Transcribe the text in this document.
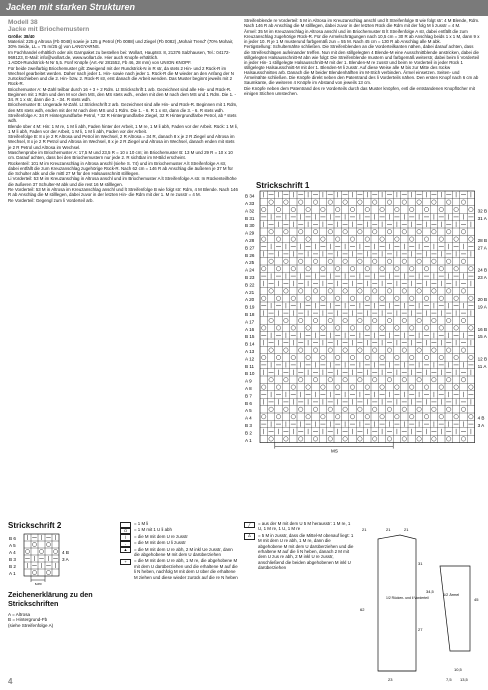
Jacken mit starken Strukturen

Modell 38

Jacke mit Briochemustern

Größe: 38/40

Material: 225 g Altrosa (Fb 0048) sowie je 125 g Petrol (Fb 0088) und Ziegel (Fb 0082) „Mohair Trend“ (70% Mohair, 30% Seide, LL = 75 m/25 g) von LANGYARNS.

Im Fachhandel erhältlich oder als Garnpaket zu bestellen bei: Wollart, Hauptstr. 8, 21376 Salzhausen, Tel.: 04172-969123, E-Mail: info@wollart.de, www.wollart.de. Hier auch Knopfe erhältlich.

1 ADDI-Rundstrick-N Nr 5,5. Fünf Knöpfe (Art.-Nr 281552, Fb 46, 28 mm) von UNION KNOPF.

Für beide zweifarbig Briochemuster gilt: Zweigend mit der Rundstrick-N in R str, da stets 2 Hin- und 2 Rück-R im Wechsel gearbeitet werden. Daher nach jeder 1. Hin- sowie nach jeder 1. Rück-R die M wieder an den Anfang der N zurückschieben und die 2. Hin- bzw. 2. Rück-R str, erst danach die Arbeit wenden. Das Muster beginnt jeweils mit 2 Rück-R.

Briochemuster A: M-Zahl teilbar durch 16 + 3 + 2 Rdm. Lt Strickschrift 1 arb. Gezeichnet sind alle Hin- und Rück-R. Beginnen mit 1 Rdm und den M vor dem MS, den MS stets wdh., enden mit den M nach dem MS und 1 Rdm. Die 1. - 34. R 1 x str, dann die 3. - 34. R stets wdh.

Briochemuster B: Ungerade M-Zahl. Lt Strickschrift 2 arb. Gezeichnet sind alle Hin- und Rück-R. Beginnen mit 1 Rdm, den MS stets wdh, enden mit der M nach dem MS und 1 Rdm. Die 1. - 6. R 1 x str, dann die 3. - 6. R stets wdh.

Streifenfolge A: 34 R Hintergrundfarbe Petrol, * 32 R Hintergrundfarbe Ziegel, 32 R Hintergrundfarbe Petrol, ab * stets wdh.

Blende über 4 M: Hin: 1 M re, 1 M li abh, Faden hinter der Arbeit, 1 M re, 1 M li abh, Faden vor der Arbeit. Rück: 1 M li, 1 M li abh, Faden vor der Arbeit, 1 M li, 1 M li abh, Faden vor der Arbeit.

Streifenfolge B: 8 x je 2 R Altrosa und Petrol im Wechsel, 2 R Altrosa = 34 R, danach 8 x je 2 R Ziegel und Altrosa im Wechsel, 8 x je 2 R Petrol und Altrosa im Wechsel, 8 x je 2 R Ziegel und Altrosa im Wechsel, danach enden mit stets je 2 R Petrol und Altrosa im Wechsel.

Maschenprobe im Briochemuster A: 17,5 M und 23,5 R = 10 x 10 cm; im Briochemuster B: 13 M und 29 R = 10 x 10 cm. Darauf achten, dass bei den Briochemustern nur jede 2. R sichtbar im M-Bild erscheint.

Rückenteil: 101 M im Kreuzanschlag in Altrosa anschl (siehe S. 74) und im Briochemuster A lt Streifenfolge A str, dabei entfällt die zum Kreuzanschlag zugehörige Rück-R. Nach 62 cm = 146 R ab Anschlag die äußeren je 37 M für die Schulter abk und die mittl 27 M für den Halsausschnitt stilllegen.

Li Vorderteil: 53 M im Kreuzanschlag in Altrosa anschl und im Briochemuster A lt Streifenfolge A str. In Rückenteilhöhe die äußeren 37 Schulter-M abk und die rest 16 M stilllegen.

Re Vorderteil: 53 M in Altrosa im Kreuzanschlag anschl und lt Streifenfolge B wie folgt str: Rdm, 4 M Blende. Nach 146 R ab Anschlag die M stilllegen, dabei zuvor in der letzten Hin- die Rdm mit der 1. M re zusstr = 4 M.

Re Vorderteil: Gegengl zum li Vorderteil arb.

Streifenblende re Vorderteil: 5 M in Altrosa im Kreuzanschlag anschl und lt Streifenfolge B wie folgt str: 4 M Blende, Rdm. Nach 146 R ab Anschlag die M stilllegen, dabei zuvor in der letzten Rück die Rdm mit der folg M li zusstr = 4 M.

Ärmel: 35 M im Kreuzanschlag in Altrosa anschl und im Briochemuster B lt Streifenfolge A str, dabei entfällt die zum Kreuzanschlag zugehörige Rück-R. Für die Armelschrägungen nach 10,5 cm = 30 R ab Anschlag beids 1 x 1 M, dann 9 x in jeder 10. R je 1 M musterund farbgemäß zun = 55 M. Nach 45 cm = 130 R ab Anschlag alle M abk.

Fertigstellung: Schulternähte schließen. Die Streifenblenden an die Vorderteilkanten nähen, dabei darauf achten, dass die Streifeschlägen aufeinander treffen. Nun mit den stillgelegten 4 Blende-M eine Ausschnittblende anstricken, dabei die stillgelegten Halsausschnitt-M abn wie folgt: Die Streifenblende mustern und farbgemäß weiterstr, dabei beim li Vorderteil in jeder Hin- 1 stillgelegte Halsausschnitt-M mit der 1. Blenden-M re zusstr und beim re Vorderteil in jeder Rück 1 stillgelegte Halsausschnitt-M mit der 1. Blenden-M li zusstr. Auf diese Weise alle M bis zur Mitte des rückw Halsausschnittes arb. Danach die M beider Blendenhälften im M-Stich verbinden. Ärmel einsetzen. Seiten- und Ärmelnähte schließen. Die Knöpfe direkt neben den Patentrand des li Vorderteils nähen. Den ersten Knopf nach 6 cm ab Saumkante, die weiteren 4 Knöpfe im Abstand von jeweils 13 cm.

Die Knöpfe neben dem Patentrand des re Vorderteils durch das Muster knöpfen, evtl die entstandenen Knopflöcher mit einigen Stichen umstechen.

Strickschrift 1
B 34
A 33
A 32	32 B
B 31	31 A
B 30
A 29
A 28	28 B
B 27	27 A
B 26
A 25
A 24	24 B
B 23	23 A
B 22
A 21
A 20	20 B
B 19	19 A
B 18
A 17
A 16	16 B
B 15	15 A
B 14
A 13
A 12	12 B
B 11	11 A
B 10
A 9
A 8
B 7
B 6
A 5
A 4	4 B
B 3	3 A
B 2
A 1
MS
Strickschrift 2
B 6
A 5
A 4	4 B
B 3	3 A
B 2
A 1
MS
Zeichenerklärung zu den Strickschriften
A = Altrosa
B = Hintergrund-Fb
(siehe Streifenfolge A)
= 1 M li
O	= 1 M mit 1 U li abh
|	= die M mit dem U re zusstr
-	= die M mit dem U li zusstr
▲	= die M mit dem U re abh, 2 M inkl Ue zusstr, dann die abgehobene M mit dem U darüberziehen
+	= die M mit dem U re abh, 1 M re, die abgehobene M mit dem U darüberziehen und die erhaltene M auf die li N heben, nachfolg M mit dem U über die erhaltene M ziehen und diese wieder zurück auf die re N heben
╱	= aus der M mit dem U 5 M herausstr: 1 M re, 1 U, 1 M re, 1 U, 1 M re
∆	= 5 M in zusstr, dass die Mittel-M obenauf liegt: 1 M mit dem U re abh, 1 M re, dann die abgehobene M mit dem U darüberziehen und die erhaltene M auf die li N heben, danach 2 M mit dem U zus re abh, 2 M inkl U re zusstr, anschließend die beiden abgehobenen M inkl U darüberziehen
1/2 Rücken- und li Vorderteil
1/2 Ärmel
21	21	21
62
31
27
34,5
45
10,5
23	7,5 13,5
4
